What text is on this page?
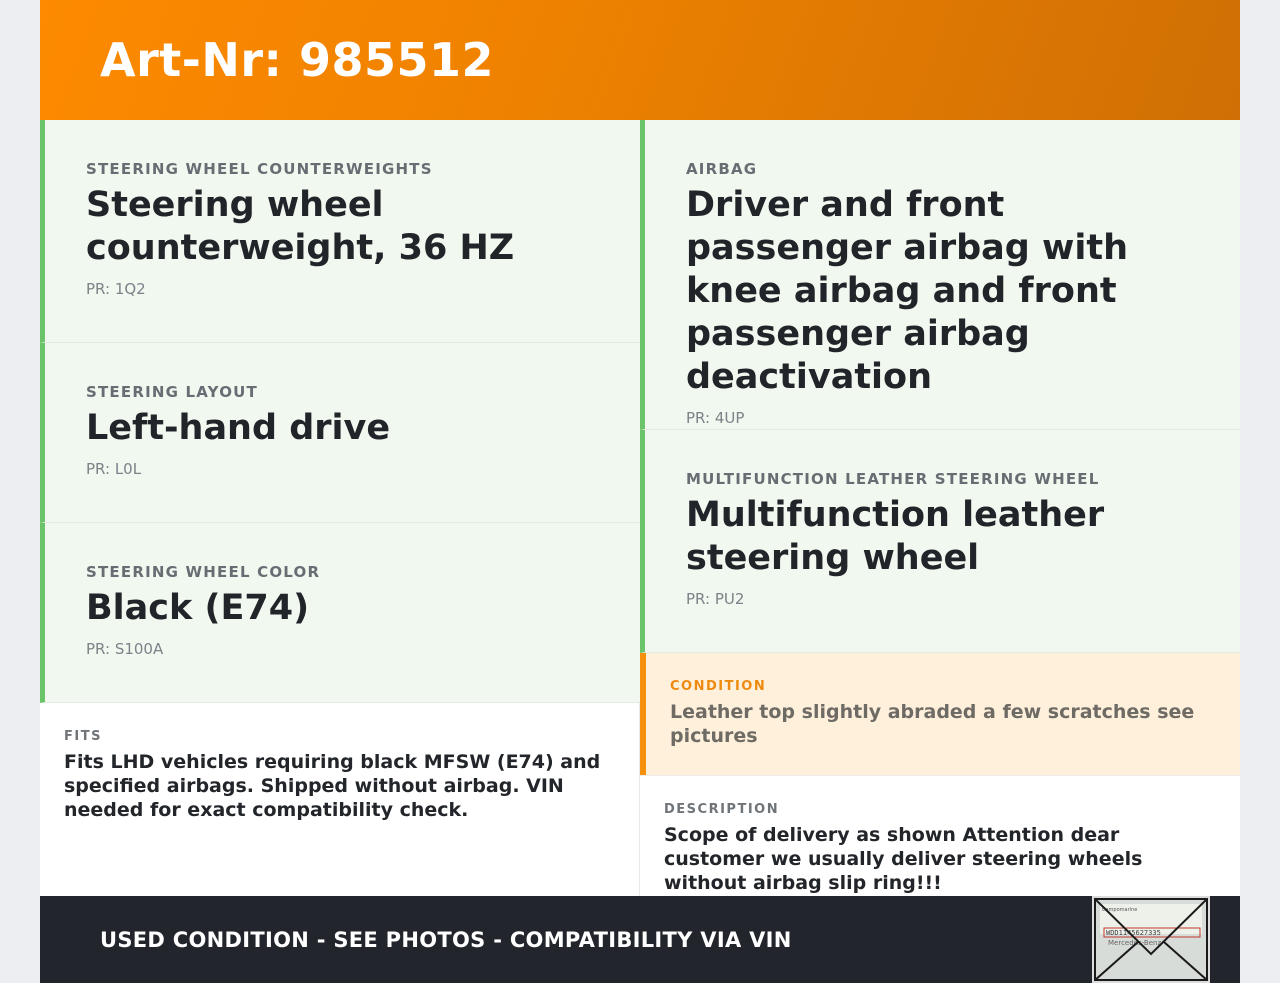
Art-Nr: 985512
STEERING WHEEL COUNTERWEIGHTS
Steering wheel counterweight, 36 HZ
PR: 1Q2
STEERING LAYOUT
Left-hand drive
PR: L0L
STEERING WHEEL COLOR
Black (E74)
PR: S100A
FITS
Fits LHD vehicles requiring black MFSW (E74) and specified airbags. Shipped without airbag. VIN needed for exact compatibility check.
AIRBAG
Driver and front passenger airbag with knee airbag and front passenger airbag deactivation
PR: 4UP
MULTIFUNCTION LEATHER STEERING WHEEL
Multifunction leather steering wheel
PR: PU2
CONDITION
Leather top slightly abraded a few scratches see pictures
DESCRIPTION
Scope of delivery as shown Attention dear customer we usually deliver steering wheels without airbag slip ring!!!
USED CONDITION - SEE PHOTOS - COMPATIBILITY VIA VIN
Campomarine
WDD1145627335
Mercedes-Benz
